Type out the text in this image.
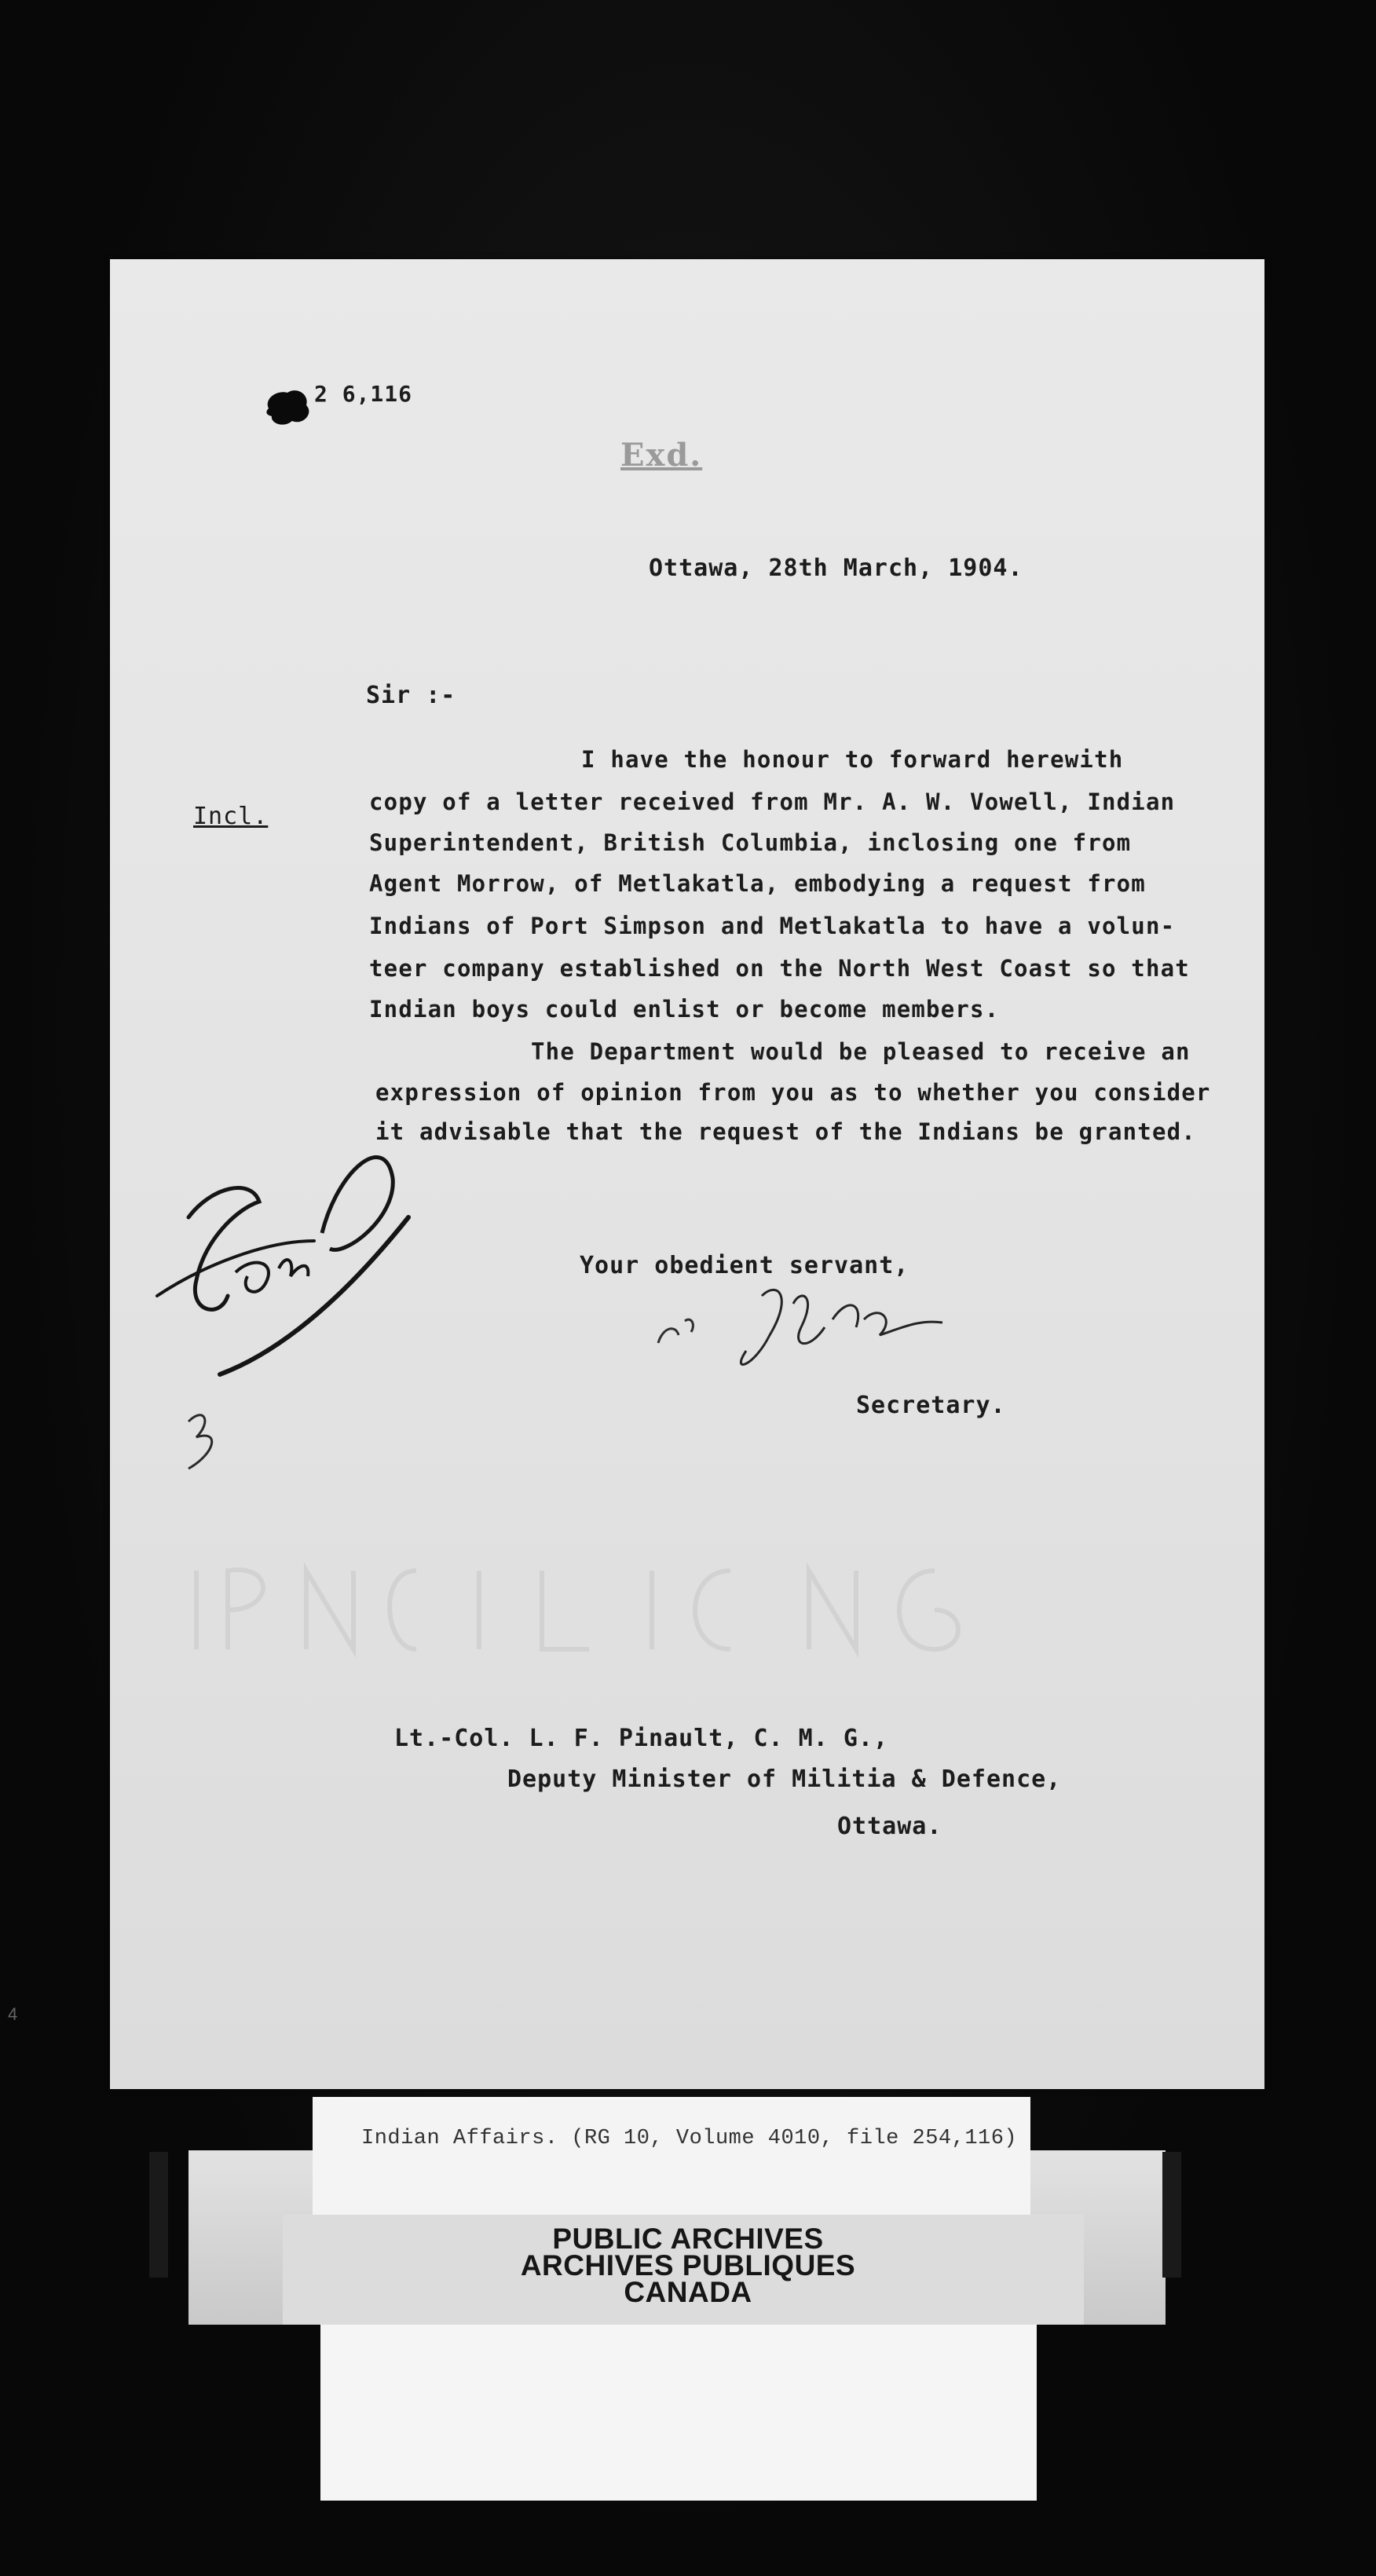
2 6,116
Exd.
Ottawa, 28th March, 1904.
Sir :-
Incl.
I have the honour to forward herewith
copy of a letter received from Mr. A. W. Vowell, Indian
Superintendent, British Columbia, inclosing one from
Agent Morrow, of Metlakatla, embodying a request from
Indians of Port Simpson and Metlakatla to have a volun-
teer company established on the North West Coast so that
Indian boys could enlist or become members.
The Department would be pleased to receive an
expression of opinion from you as to whether you consider
it advisable that the request of the Indians be granted.
Your obedient servant,
Secretary.
Lt.-Col. L. F. Pinault, C. M. G.,
Deputy Minister of Militia & Defence,
Ottawa.
4
Indian Affairs. (RG 10, Volume 4010, file 254,116)
PUBLIC ARCHIVES
ARCHIVES PUBLIQUES
CANADA
